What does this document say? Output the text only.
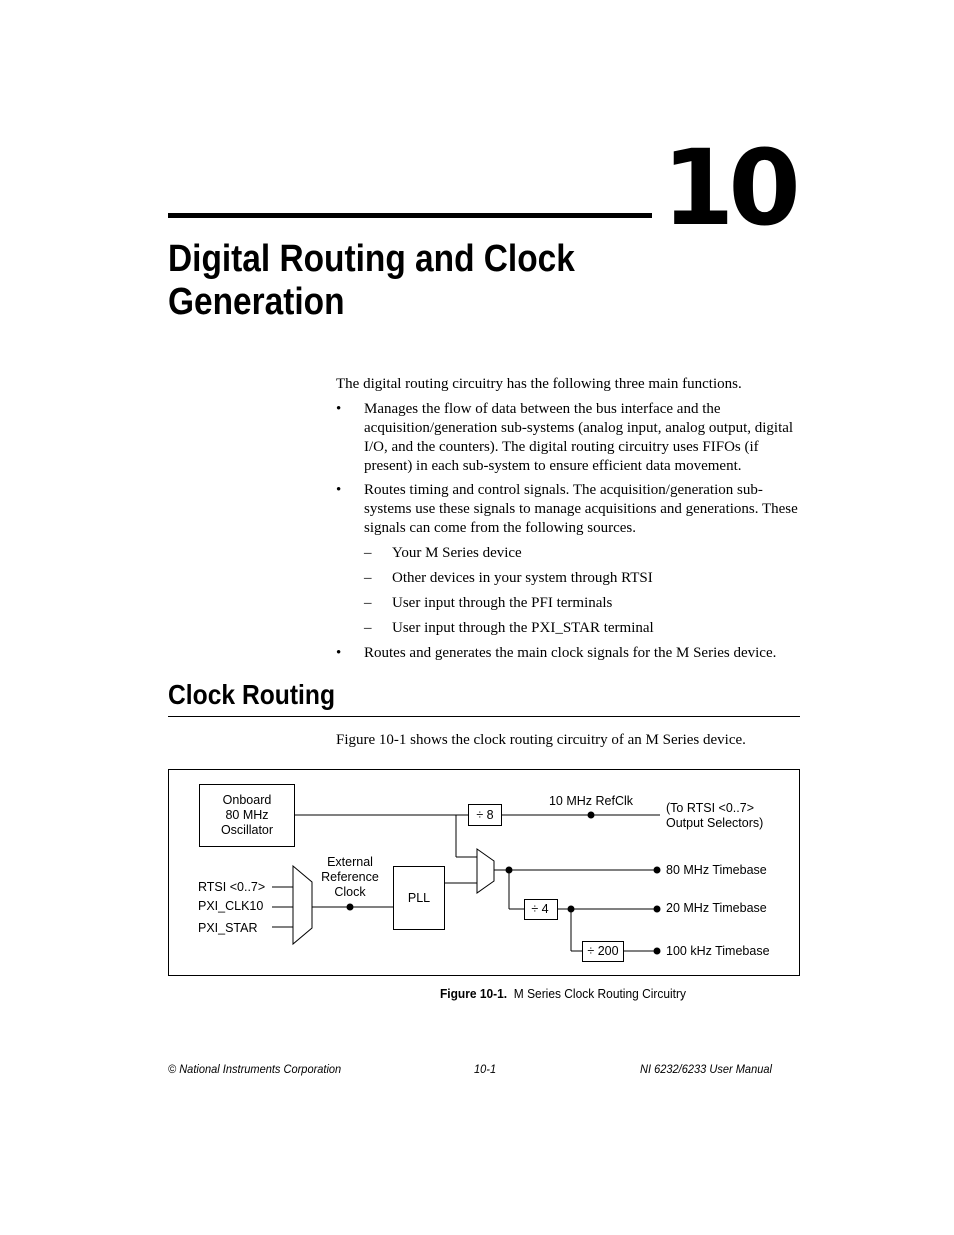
10
Digital Routing and Clock
Generation
The digital routing circuitry has the following three main functions.
• Manages the flow of data between the bus interface and the acquisition/generation sub-systems (analog input, analog output, digital I/O, and the counters). The digital routing circuitry uses FIFOs (if present) in each sub-system to ensure efficient data movement.
• Routes timing and control signals. The acquisition/generation sub-systems use these signals to manage acquisitions and generations. These signals can come from the following sources.
– Your M Series device
– Other devices in your system through RTSI
– User input through the PFI terminals
– User input through the PXI_STAR terminal
• Routes and generates the main clock signals for the M Series device.
Clock Routing
Figure 10-1 shows the clock routing circuitry of an M Series device.
Onboard
80 MHz
Oscillator
÷ 8
10 MHz RefClk	(To RTSI <0..7>
Output Selectors)
RTSI <0..7>
PXI_CLK10
PXI_STAR
External
Reference
Clock	PLL
80 MHz Timebase
÷ 4	20 MHz Timebase
÷ 200	100 kHz Timebase
Figure 10-1. M Series Clock Routing Circuitry
© National Instruments Corporation	10-1	NI 6232/6233 User Manual
